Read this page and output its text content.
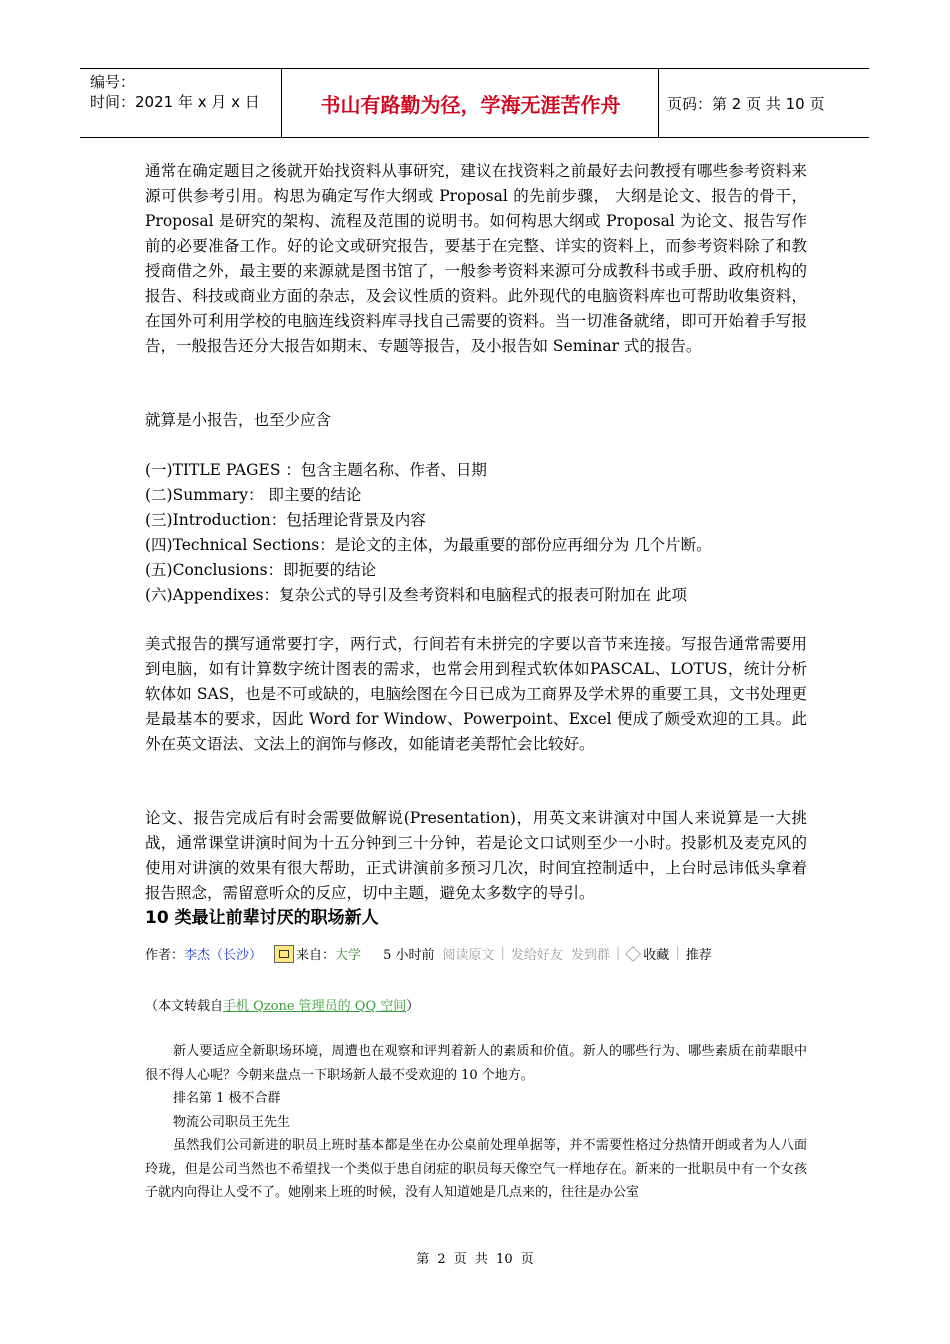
编号：
时间：2021 年 x 月 x 日	书山有路勤为径，学海无涯苦作舟	页码：第 2 页 共 10 页

通常在确定题目之後就开始找资料从事研究，建议在找资料之前最好去问教授有哪些参考资料来源可供参考引用。构思为确定写作大纲或 Proposal 的先前步骤， 大纲是论文、报告的骨干， Proposal 是研究的架构、流程及范围的说明书。如何构思大纲或 Proposal 为论文、报告写作前的必要准备工作。好的论文或研究报告，要基于在完整、详实的资料上，而参考资料除了和教授商借之外，最主要的来源就是图书馆了，一般参考资料来源可分成教科书或手册、政府机构的报告、科技或商业方面的杂志，及会议性质的资料。此外现代的电脑资料库也可帮助收集资料，在国外可利用学校的电脑连线资料库寻找自己需要的资料。当一切准备就绪，即可开始着手写报告，一般报告还分大报告如期末、专题等报告，及小报告如 Seminar 式的报告。

就算是小报告，也至少应含

(一)TITLE PAGES ：包含主题名称、作者、日期

(二)Summary： 即主要的结论

(三)Introduction：包括理论背景及内容

(四)Technical Sections：是论文的主体，为最重要的部份应再细分为 几个片断。

(五)Conclusions：即扼要的结论

(六)Appendixes：复杂公式的导引及叁考资料和电脑程式的报表可附加在 此项

美式报告的撰写通常要打字，两行式，行间若有未拼完的字要以音节来连接。写报告通常需要用到电脑，如有计算数字统计图表的需求，也常会用到程式软体如PASCAL、LOTUS，统计分析软体如 SAS，也是不可或缺的，电脑绘图在今日已成为工商界及学术界的重要工具，文书处理更是最基本的要求，因此 Word for Window、Powerpoint、Excel 便成了颇受欢迎的工具。此外在英文语法、文法上的润饰与修改，如能请老美帮忙会比较好。

论文、报告完成后有时会需要做解说(Presentation)，用英文来讲演对中国人来说算是一大挑战，通常课堂讲演时间为十五分钟到三十分钟，若是论文口试则至少一小时。投影机及麦克风的使用对讲演的效果有很大帮助，正式讲演前多预习几次，时间宜控制适中，上台时忌讳低头拿着报告照念，需留意听众的反应，切中主题，避免太多数字的导引。

10 类最让前辈讨厌的职场新人
作者： 李杰（长沙）	来自： 大学 5 小时前 阅读原文 | 发给好友 发到群 | 收藏 | 推荐
（本文转载自手机 Qzone 管理员的 QQ 空间）

新人要适应全新职场环境，周遭也在观察和评判着新人的素质和价值。新人的哪些行为、哪些素质在前辈眼中很不得人心呢？今朝来盘点一下职场新人最不受欢迎的 10 个地方。

排名第 1 极不合群

物流公司职员王先生

虽然我们公司新进的职员上班时基本都是坐在办公桌前处理单据等，并不需要性格过分热情开朗或者为人八面玲珑，但是公司当然也不希望找一个类似于患自闭症的职员每天像空气一样地存在。新来的一批职员中有一个女孩子就内向得让人受不了。她刚来上班的时候，没有人知道她是几点来的，往往是办公室

第 2 页 共 10 页
